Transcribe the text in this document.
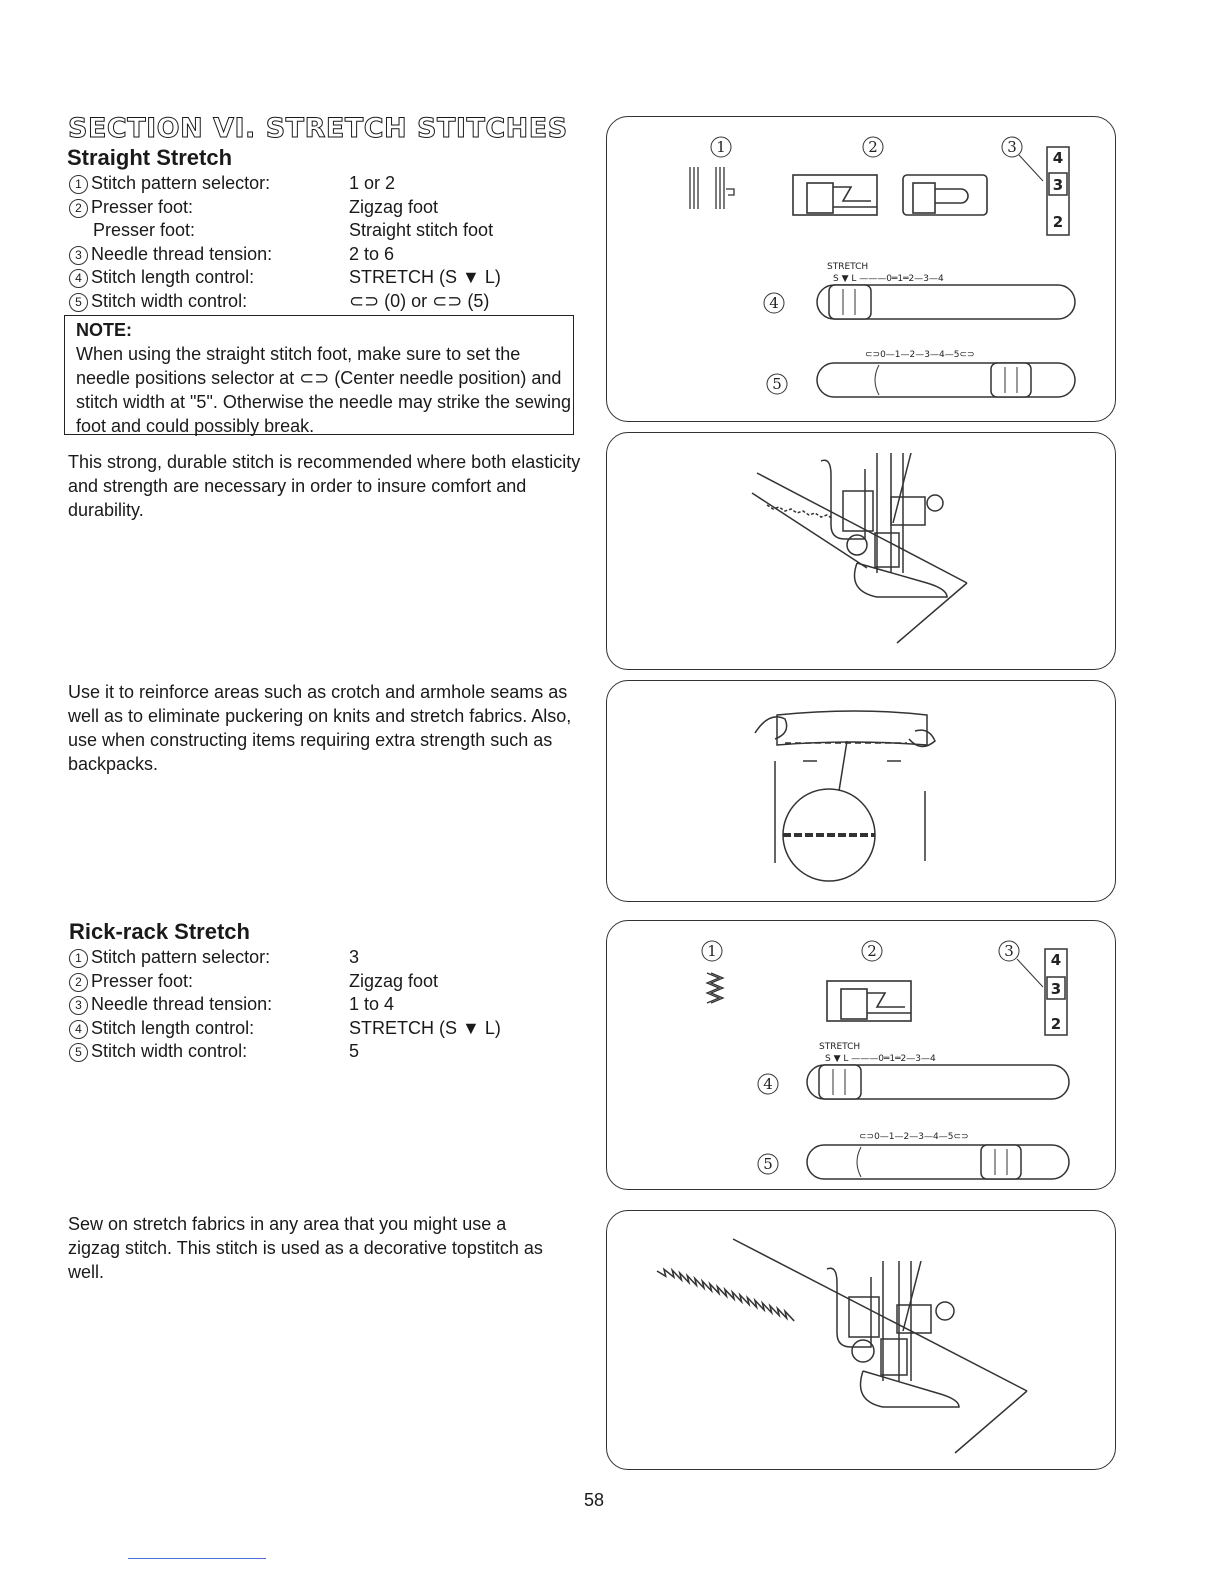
SECTION VI. STRETCH STITCHES
Straight Stretch
1 Stitch pattern selector:	1 or 2
2 Presser foot:	Zigzag foot
Presser foot:	Straight stitch foot
3 Needle thread tension:	2 to 6
4 Stitch length control:	STRETCH (S ▼ L)
5 Stitch width control:	⊂⊃ (0) or ⊂⊃ (5)
NOTE:
When using the straight stitch foot, make sure to set the needle positions selector at ⊂⊃ (Center needle position) and stitch width at "5". Otherwise the needle may strike the sewing foot and could possibly break.
This strong, durable stitch is recommended where both elasticity and strength are necessary in order to insure comfort and durability.
Use it to reinforce areas such as crotch and armhole seams as well as to eliminate puckering on knits and stretch fabrics. Also, use when constructing items requiring extra strength such as backpacks.
Rick-rack Stretch
1 Stitch pattern selector:	3
2 Presser foot:	Zigzag foot
3 Needle thread tension:	1 to 4
4 Stitch length control:	STRETCH (S ▼ L)
5 Stitch width control:	5
Sew on stretch fabrics in any area that you might use a zigzag stitch. This stitch is used as a decorative topstitch as well.
1	2	3
4
5
4
3
2
STRETCH
S ▼ L ———0═1═2—3—4
⊂⊃0—1—2—3—4—5⊂⊃
1	2	3
4
5
4
3
2
STRETCH
S ▼ L ———0═1═2—3—4
⊂⊃0—1—2—3—4—5⊂⊃
58
